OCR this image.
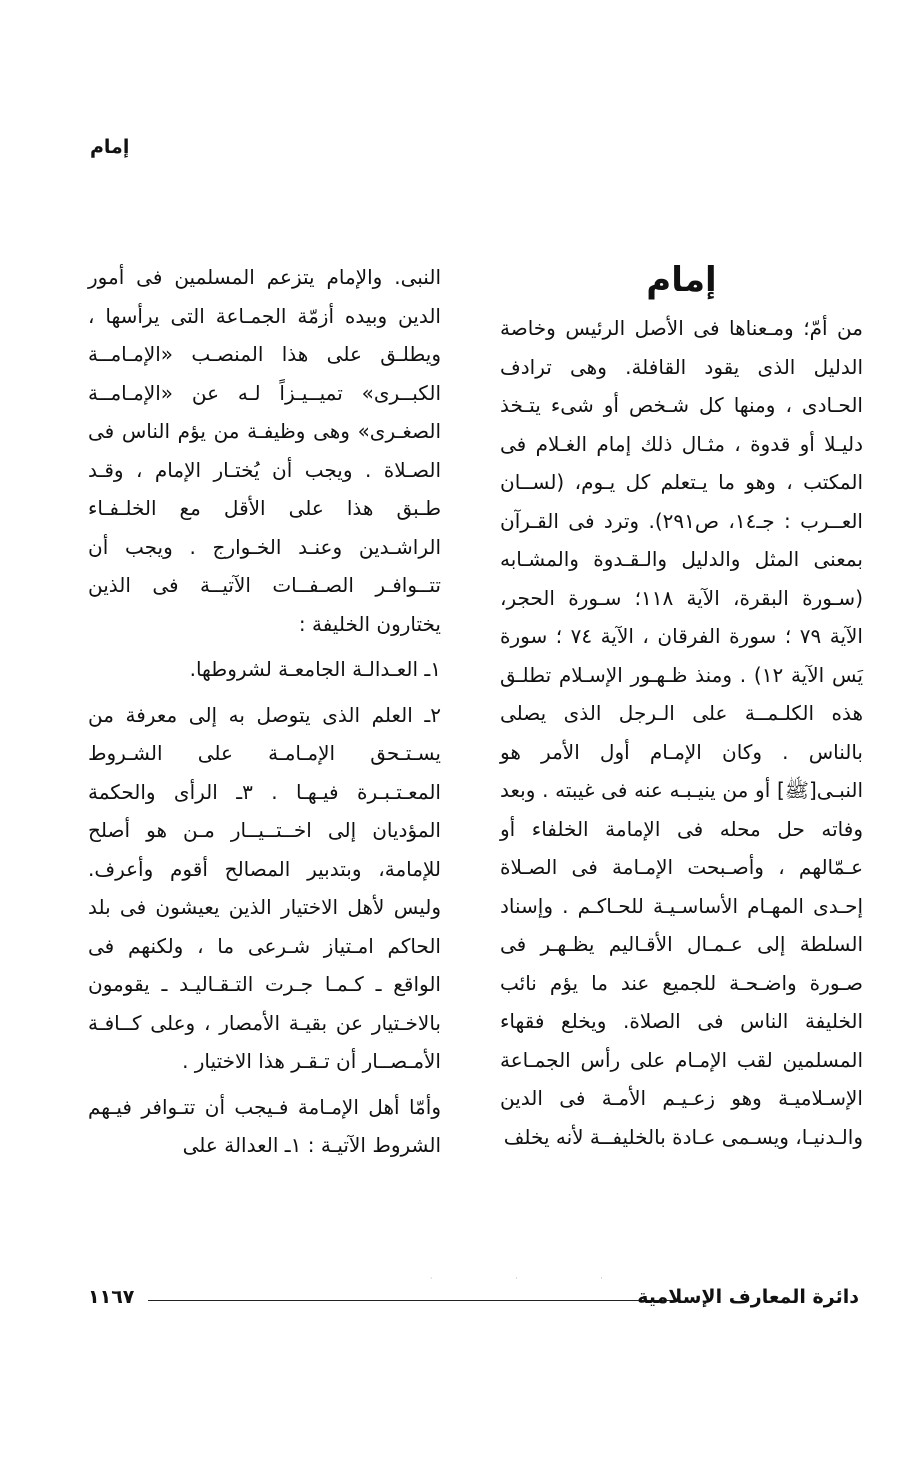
إمام
إمام

من أمّ؛ ومـعناها فى الأصل الرئيس وخاصة الدليل الذى يقود القافلة. وهى ترادف الحـادى ، ومنها كل شـخص أو شىء يتـخذ دليـلا أو قدوة ، مثـال ذلك إمام الغـلام فى المكتب ، وهو ما يـتعلم كل يـوم، (لســان العــرب : جـ١٤، ص٢٩١). وترد فى القـرآن بمعنى المثل والدليل والـقـدوة والمشـابه (سـورة البقرة، الآية ١١٨؛ سـورة الحجر، الآية ٧٩ ؛ سورة الفرقان ، الآية ٧٤ ؛ سورة يَس الآية ١٢) . ومنذ ظـهـور الإسـلام تطلـق هذه الكلـمــة على الـرجل الذى يصلى بالناس . وكان الإمـام أول الأمر هو النبـى[ﷺ] أو من ينيـبـه عنه فى غيبته . وبعد وفاته حل محله فى الإمامة الخلفاء أو عـمّالهم ، وأصـبحت الإمـامة فى الصـلاة إحـدى المهـام الأساسـيـة للحـاكـم . وإسناد السلطة إلى عـمـال الأقـاليم يظـهـر فى صـورة واضـحـة للجميع عند ما يؤم نائب الخليفة الناس فى الصلاة. ويخلع فقهاء المسلمين لقب الإمـام على رأس الجمـاعة الإسـلاميـة وهو زعـيـم الأمـة فى الدين والـدنيـا، ويسـمى عـادة بالخليفــة لأنه يخلف

النبى. والإمام يتزعم المسلمين فى أمور الدين وبيده أزمّة الجمـاعة التى يرأسها ، ويطلـق على هذا المنصـب «الإمـامــة الكبــرى» تميــيـزاً لـه عن «الإمـامــة الصغـرى» وهى وظيفـة من يؤم الناس فى الصـلاة . ويجب أن يُختـار الإمام ، وقـد طـبق هذا على الأقل مع الخلـفـاء الراشـدين وعنـد الخـوارج . ويجب أن تتــوافـر الصـفــات الآتيــة فى الذين يختارون الخليفة :

١ـ العـدالـة الجامعـة لشروطها.

٢ـ العلم الذى يتوصل به إلى معرفة من يسـتـحق الإمـامـة على الشـروط المعـتـبـرة فيـهـا . ٣ـ الرأى والحكمة المؤديان إلى اخــتــيــار مـن هو أصلح للإمامة، وبتدبير المصالح أقوم وأعرف. وليس لأهل الاختيار الذين يعيشون فى بلد الحاكم امـتياز شـرعى ما ، ولكنهم فى الواقع ـ كـمـا جـرت التـقـاليـد ـ يقومون بالاخـتيار عن بقيـة الأمصار ، وعلى كــافـة الأمـصــار أن تـقـر هذا الاختيار .

وأمّا أهل الإمـامة فـيجب أن تتـوافر فيـهم الشروط الآتيـة : ١ـ العدالة على

· · ·
دائرة المعارف الإسلامية
١١٦٧
